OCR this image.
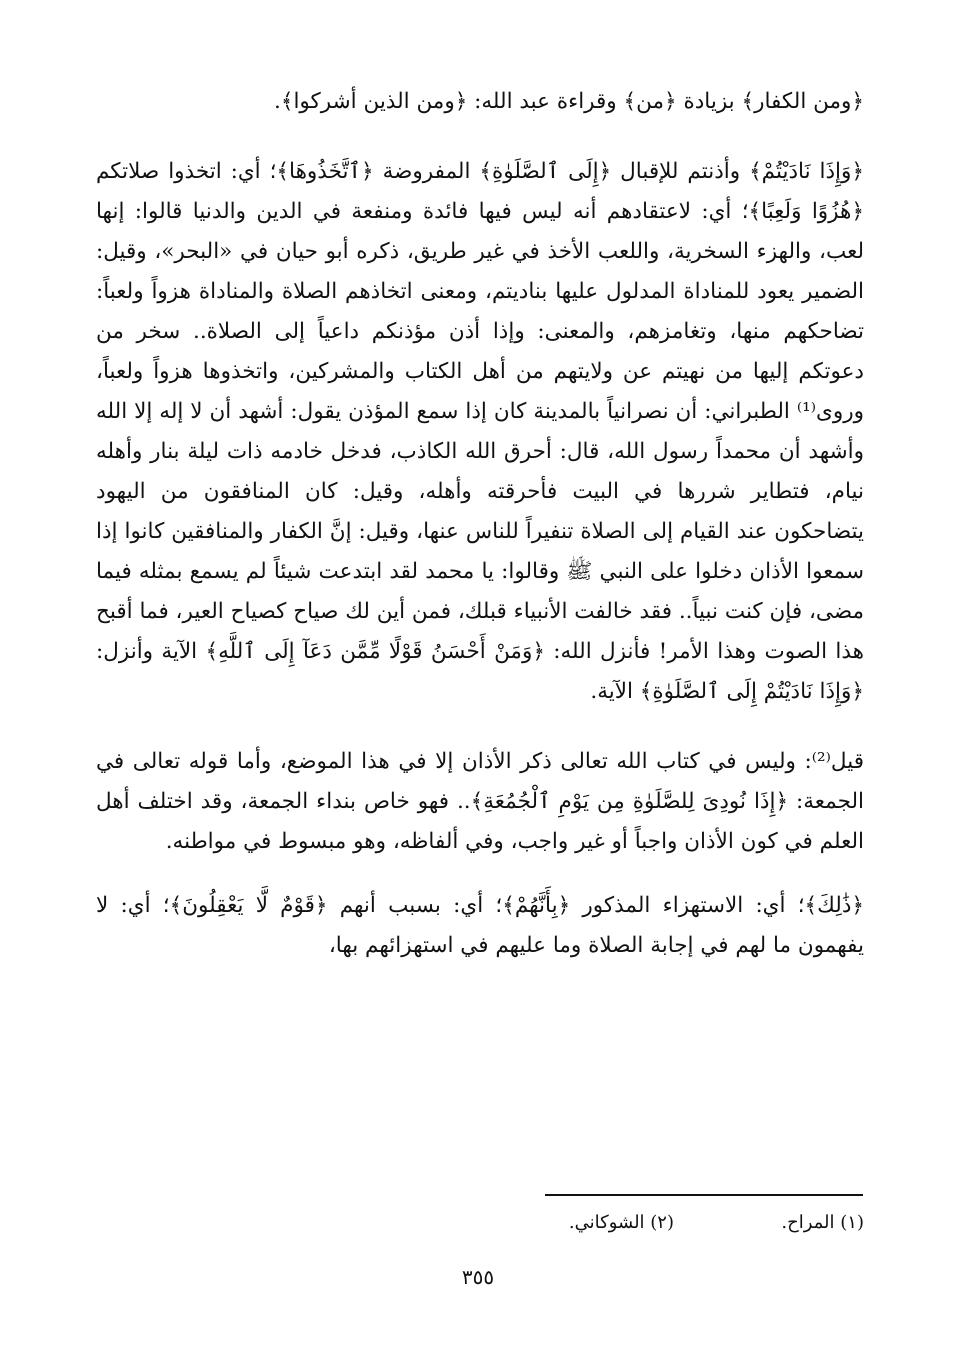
﴿ومن الكفار﴾ بزيادة ﴿من﴾ وقراءة عبد الله: ﴿ومن الذين أشركوا﴾.

﴿وَإِذَا نَادَيْتُمْ﴾ وأذنتم للإقبال ﴿إِلَى ٱلصَّلَوٰةِ﴾ المفروضة ﴿ٱتَّخَذُوهَا﴾؛ أي: اتخذوا صلاتكم ﴿هُزُوًا وَلَعِبًا﴾؛ أي: لاعتقادهم أنه ليس فيها فائدة ومنفعة في الدين والدنيا قالوا: إنها لعب، والهزء السخرية، واللعب الأخذ في غير طريق، ذكره أبو حيان في «البحر»، وقيل: الضمير يعود للمناداة المدلول عليها بناديتم، ومعنى اتخاذهم الصلاة والمناداة هزواً ولعباً: تضاحكهم منها، وتغامزهم، والمعنى: وإذا أذن مؤذنكم داعياً إلى الصلاة.. سخر من دعوتكم إليها من نهيتم عن ولايتهم من أهل الكتاب والمشركين، واتخذوها هزواً ولعباً، وروى⁽¹⁾ الطبراني: أن نصرانياً بالمدينة كان إذا سمع المؤذن يقول: أشهد أن لا إله إلا الله وأشهد أن محمداً رسول الله، قال: أحرق الله الكاذب، فدخل خادمه ذات ليلة بنار وأهله نيام، فتطاير شررها في البيت فأحرقته وأهله، وقيل: كان المنافقون من اليهود يتضاحكون عند القيام إلى الصلاة تنفيراً للناس عنها، وقيل: إنَّ الكفار والمنافقين كانوا إذا سمعوا الأذان دخلوا على النبي ﷺ وقالوا: يا محمد لقد ابتدعت شيئاً لم يسمع بمثله فيما مضى، فإن كنت نبياً.. فقد خالفت الأنبياء قبلك، فمن أين لك صياح كصياح العير، فما أقبح هذا الصوت وهذا الأمر! فأنزل الله: ﴿وَمَنْ أَحْسَنُ قَوْلًا مِّمَّن دَعَآ إِلَى ٱللَّهِ﴾ الآية وأنزل: ﴿وَإِذَا نَادَيْتُمْ إِلَى ٱلصَّلَوٰةِ﴾ الآية.

قيل⁽²⁾: وليس في كتاب الله تعالى ذكر الأذان إلا في هذا الموضع، وأما قوله تعالى في الجمعة: ﴿إِذَا نُودِىَ لِلصَّلَوٰةِ مِن يَوْمِ ٱلْجُمُعَةِ﴾.. فهو خاص بنداء الجمعة، وقد اختلف أهل العلم في كون الأذان واجباً أو غير واجب، وفي ألفاظه، وهو مبسوط في مواطنه.

﴿ذَٰلِكَ﴾؛ أي: الاستهزاء المذكور ﴿بِأَنَّهُمْ﴾؛ أي: بسبب أنهم ﴿قَوْمٌ لَّا يَعْقِلُونَ﴾؛ أي: لا يفهمون ما لهم في إجابة الصلاة وما عليهم في استهزائهم بها،

(١) المراح.
(٢) الشوكاني.
٣٥٥
